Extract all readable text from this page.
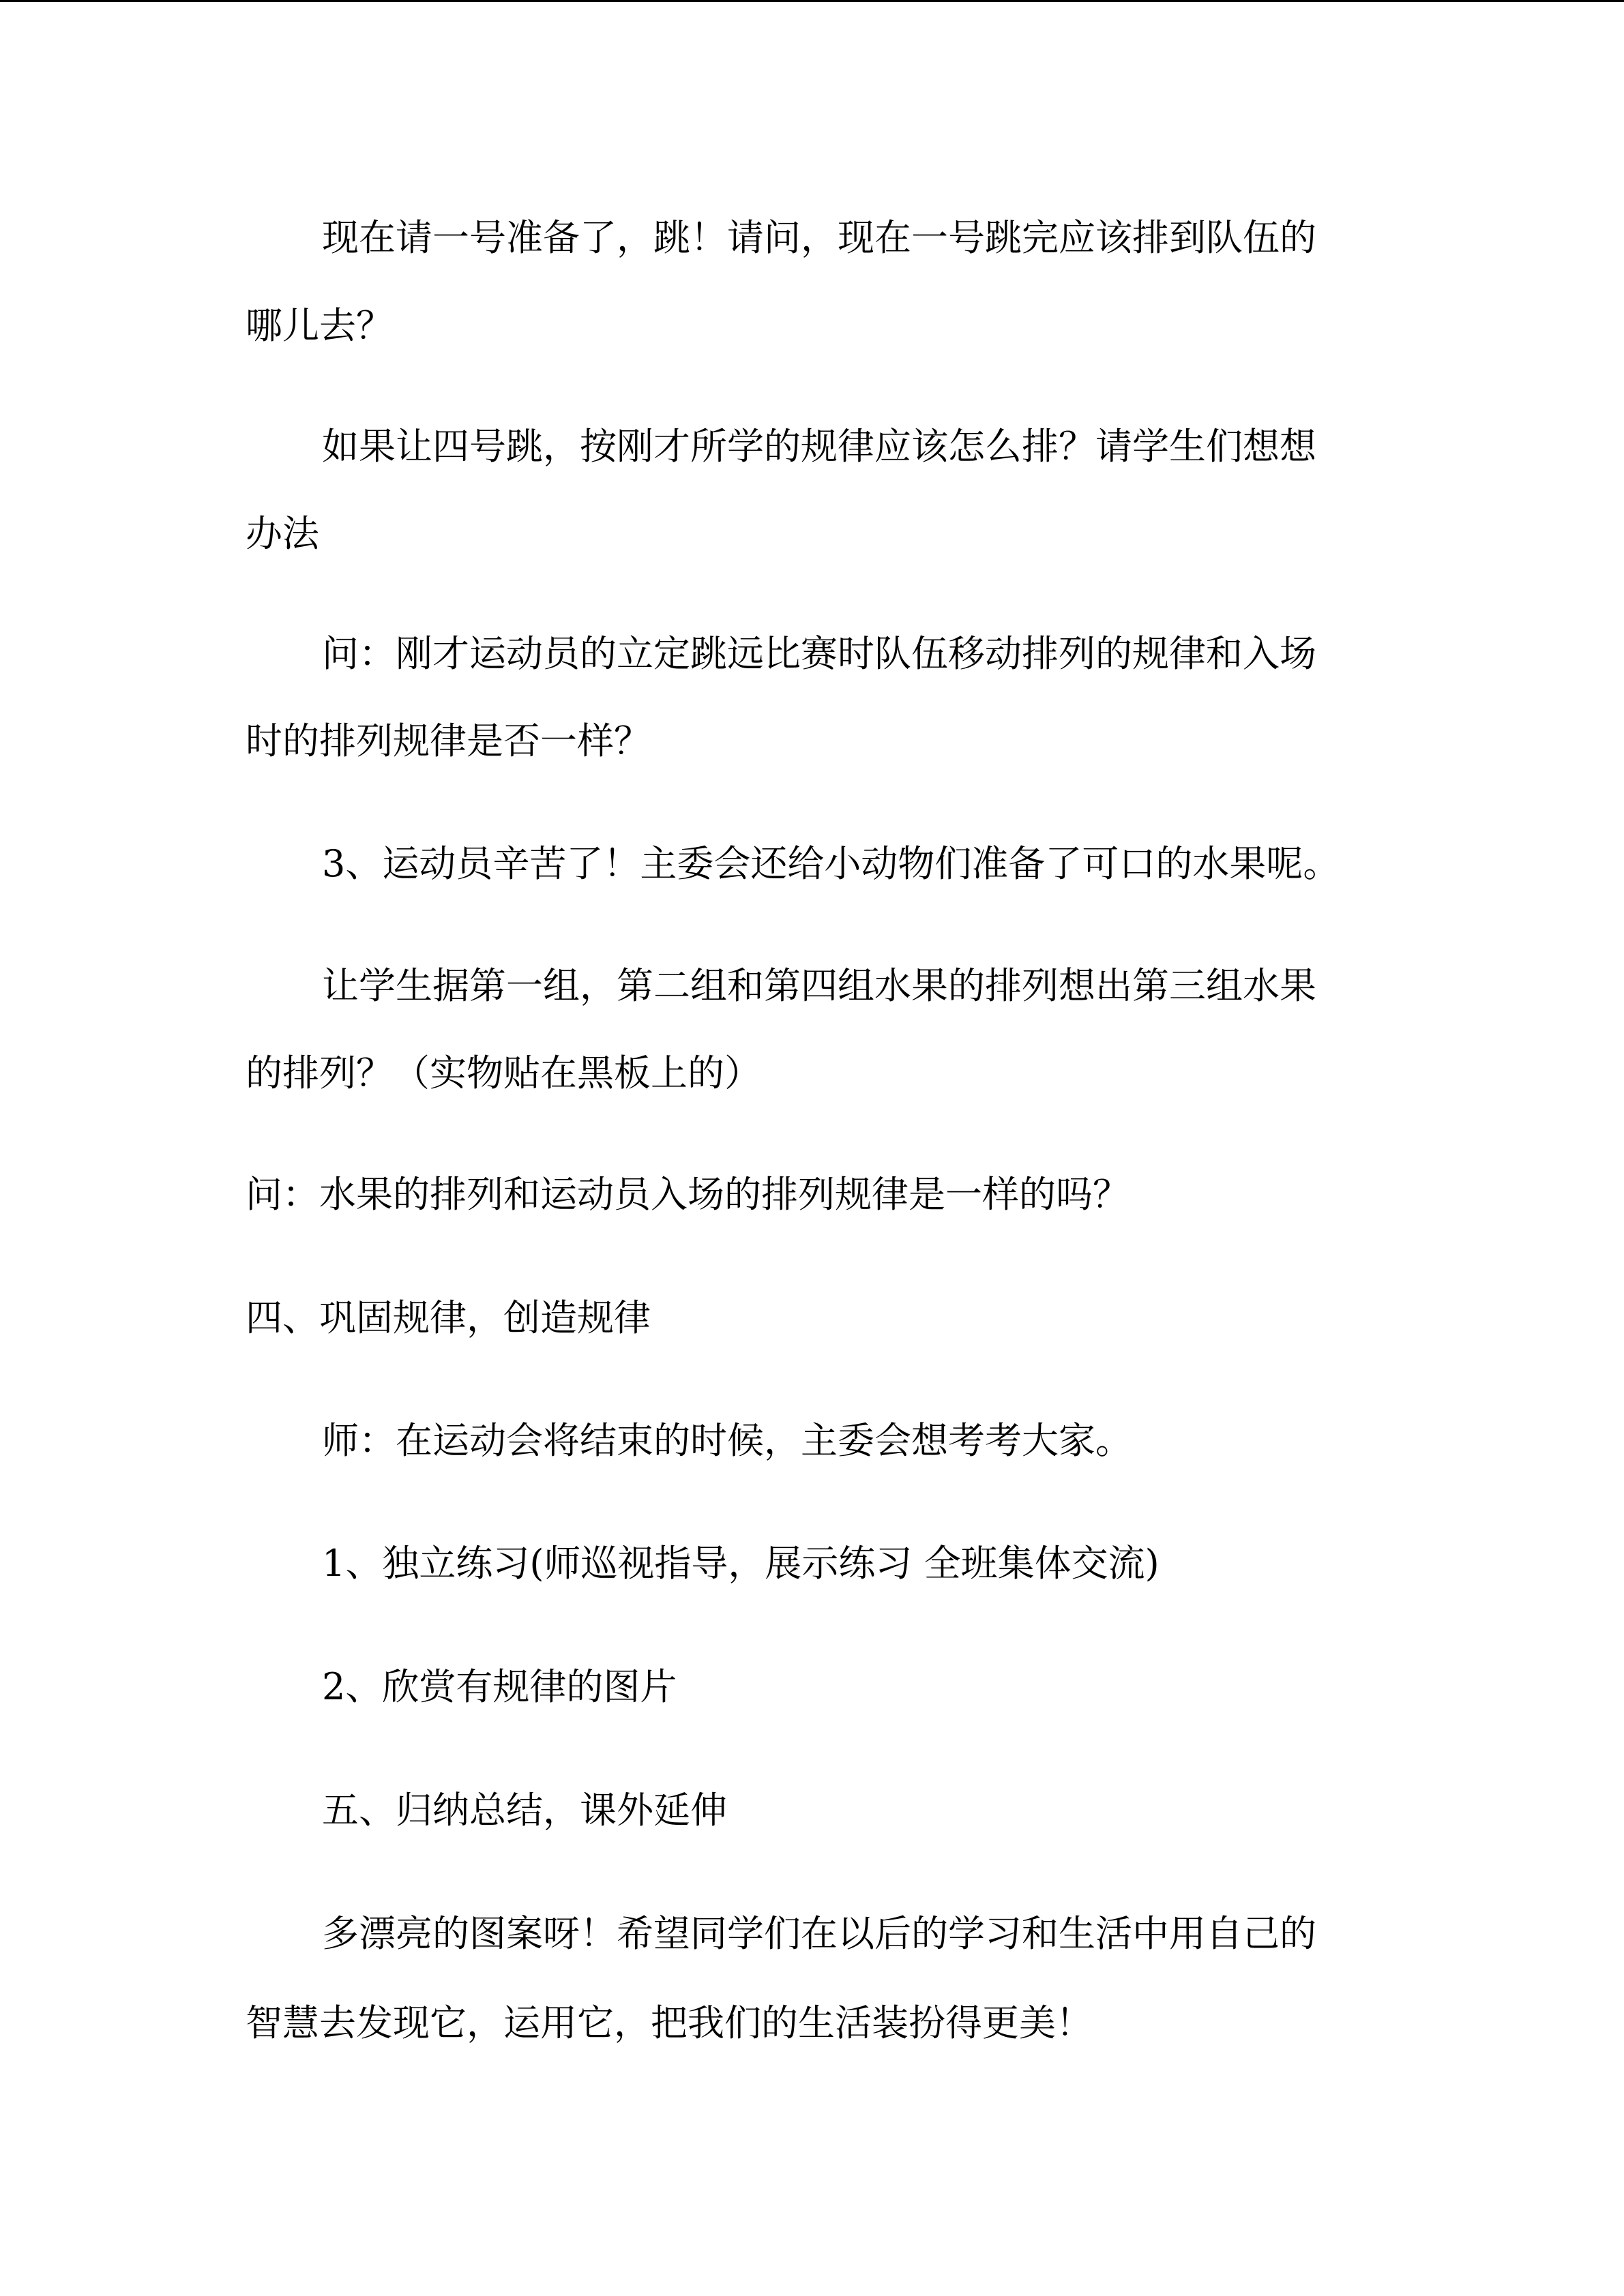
现在请一号准备了，跳！请问，现在一号跳完应该排到队伍的
哪儿去？
如果让四号跳，按刚才所学的规律应该怎么排？请学生们想想
办法
问：刚才运动员的立定跳远比赛时队伍移动排列的规律和入场
时的排列规律是否一样？
3、运动员辛苦了！主委会还给小动物们准备了可口的水果呢。
让学生据第一组，第二组和第四组水果的排列想出第三组水果
的排列？（实物贴在黑板上的）
问：水果的排列和运动员入场的排列规律是一样的吗？
四、巩固规律，创造规律
师：在运动会将结束的时候，主委会想考考大家。
1、独立练习(师巡视指导，展示练习 全班集体交流)
2、欣赏有规律的图片
五、归纳总结，课外延伸
多漂亮的图案呀！希望同学们在以后的学习和生活中用自己的
智慧去发现它，运用它，把我们的生活装扮得更美！
